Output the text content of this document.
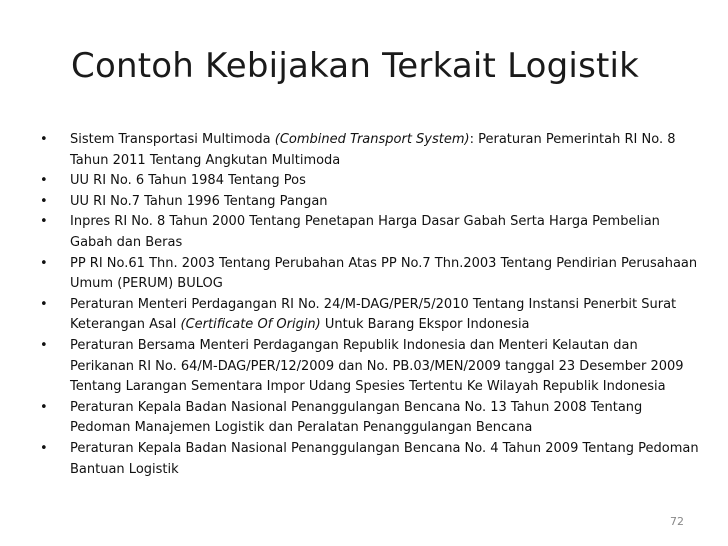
Contoh Kebijakan Terkait Logistik
•	Sistem Transportasi Multimoda (Combined Transport System): Peraturan Pemerintah RI No. 8 Tahun 2011 Tentang Angkutan Multimoda
•	UU RI No. 6 Tahun 1984 Tentang Pos
•	UU RI No.7 Tahun 1996 Tentang Pangan
•	Inpres RI No. 8 Tahun 2000 Tentang Penetapan Harga Dasar Gabah Serta Harga Pembelian Gabah dan Beras
•	PP RI No.61 Thn. 2003 Tentang Perubahan Atas PP No.7 Thn.2003 Tentang Pendirian Perusahaan Umum (PERUM) BULOG
•	Peraturan Menteri Perdagangan RI No. 24/M-DAG/PER/5/2010 Tentang Instansi Penerbit Surat Keterangan Asal (Certificate Of Origin) Untuk Barang Ekspor Indonesia
•	Peraturan Bersama Menteri Perdagangan Republik Indonesia dan Menteri Kelautan dan Perikanan RI No. 64/M-DAG/PER/12/2009 dan No. PB.03/MEN/2009 tanggal 23 Desember 2009 Tentang Larangan Sementara Impor Udang Spesies Tertentu Ke Wilayah Republik Indonesia
•	Peraturan Kepala Badan Nasional Penanggulangan Bencana No. 13 Tahun 2008 Tentang Pedoman Manajemen Logistik dan Peralatan Penanggulangan Bencana
•	Peraturan Kepala Badan Nasional Penanggulangan Bencana No. 4 Tahun 2009 Tentang Pedoman Bantuan Logistik
72
